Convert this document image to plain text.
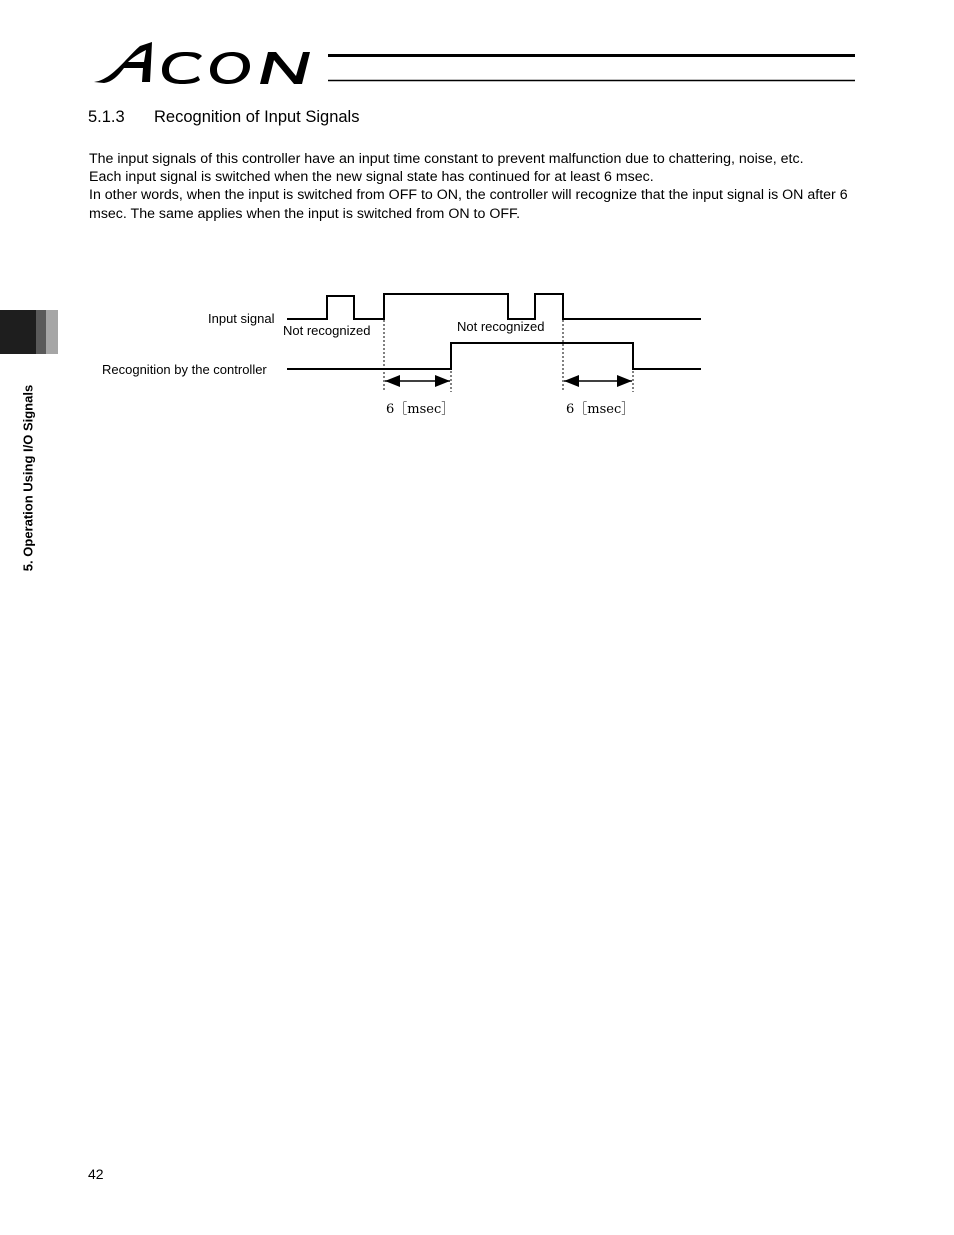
5.1.3 Recognition of Input Signals

The input signals of this controller have an input time constant to prevent malfunction due to chattering, noise, etc.

Each input signal is switched when the new signal state has continued for at least 6 msec.

In other words, when the input is switched from OFF to ON, the controller will recognize that the input signal is ON after 6 msec. The same applies when the input is switched from ON to OFF.

5. Operation Using I/O Signals
Input signal
Not recognized	Not recognized
Recognition by the controller
6［msec］	6［msec］
42
